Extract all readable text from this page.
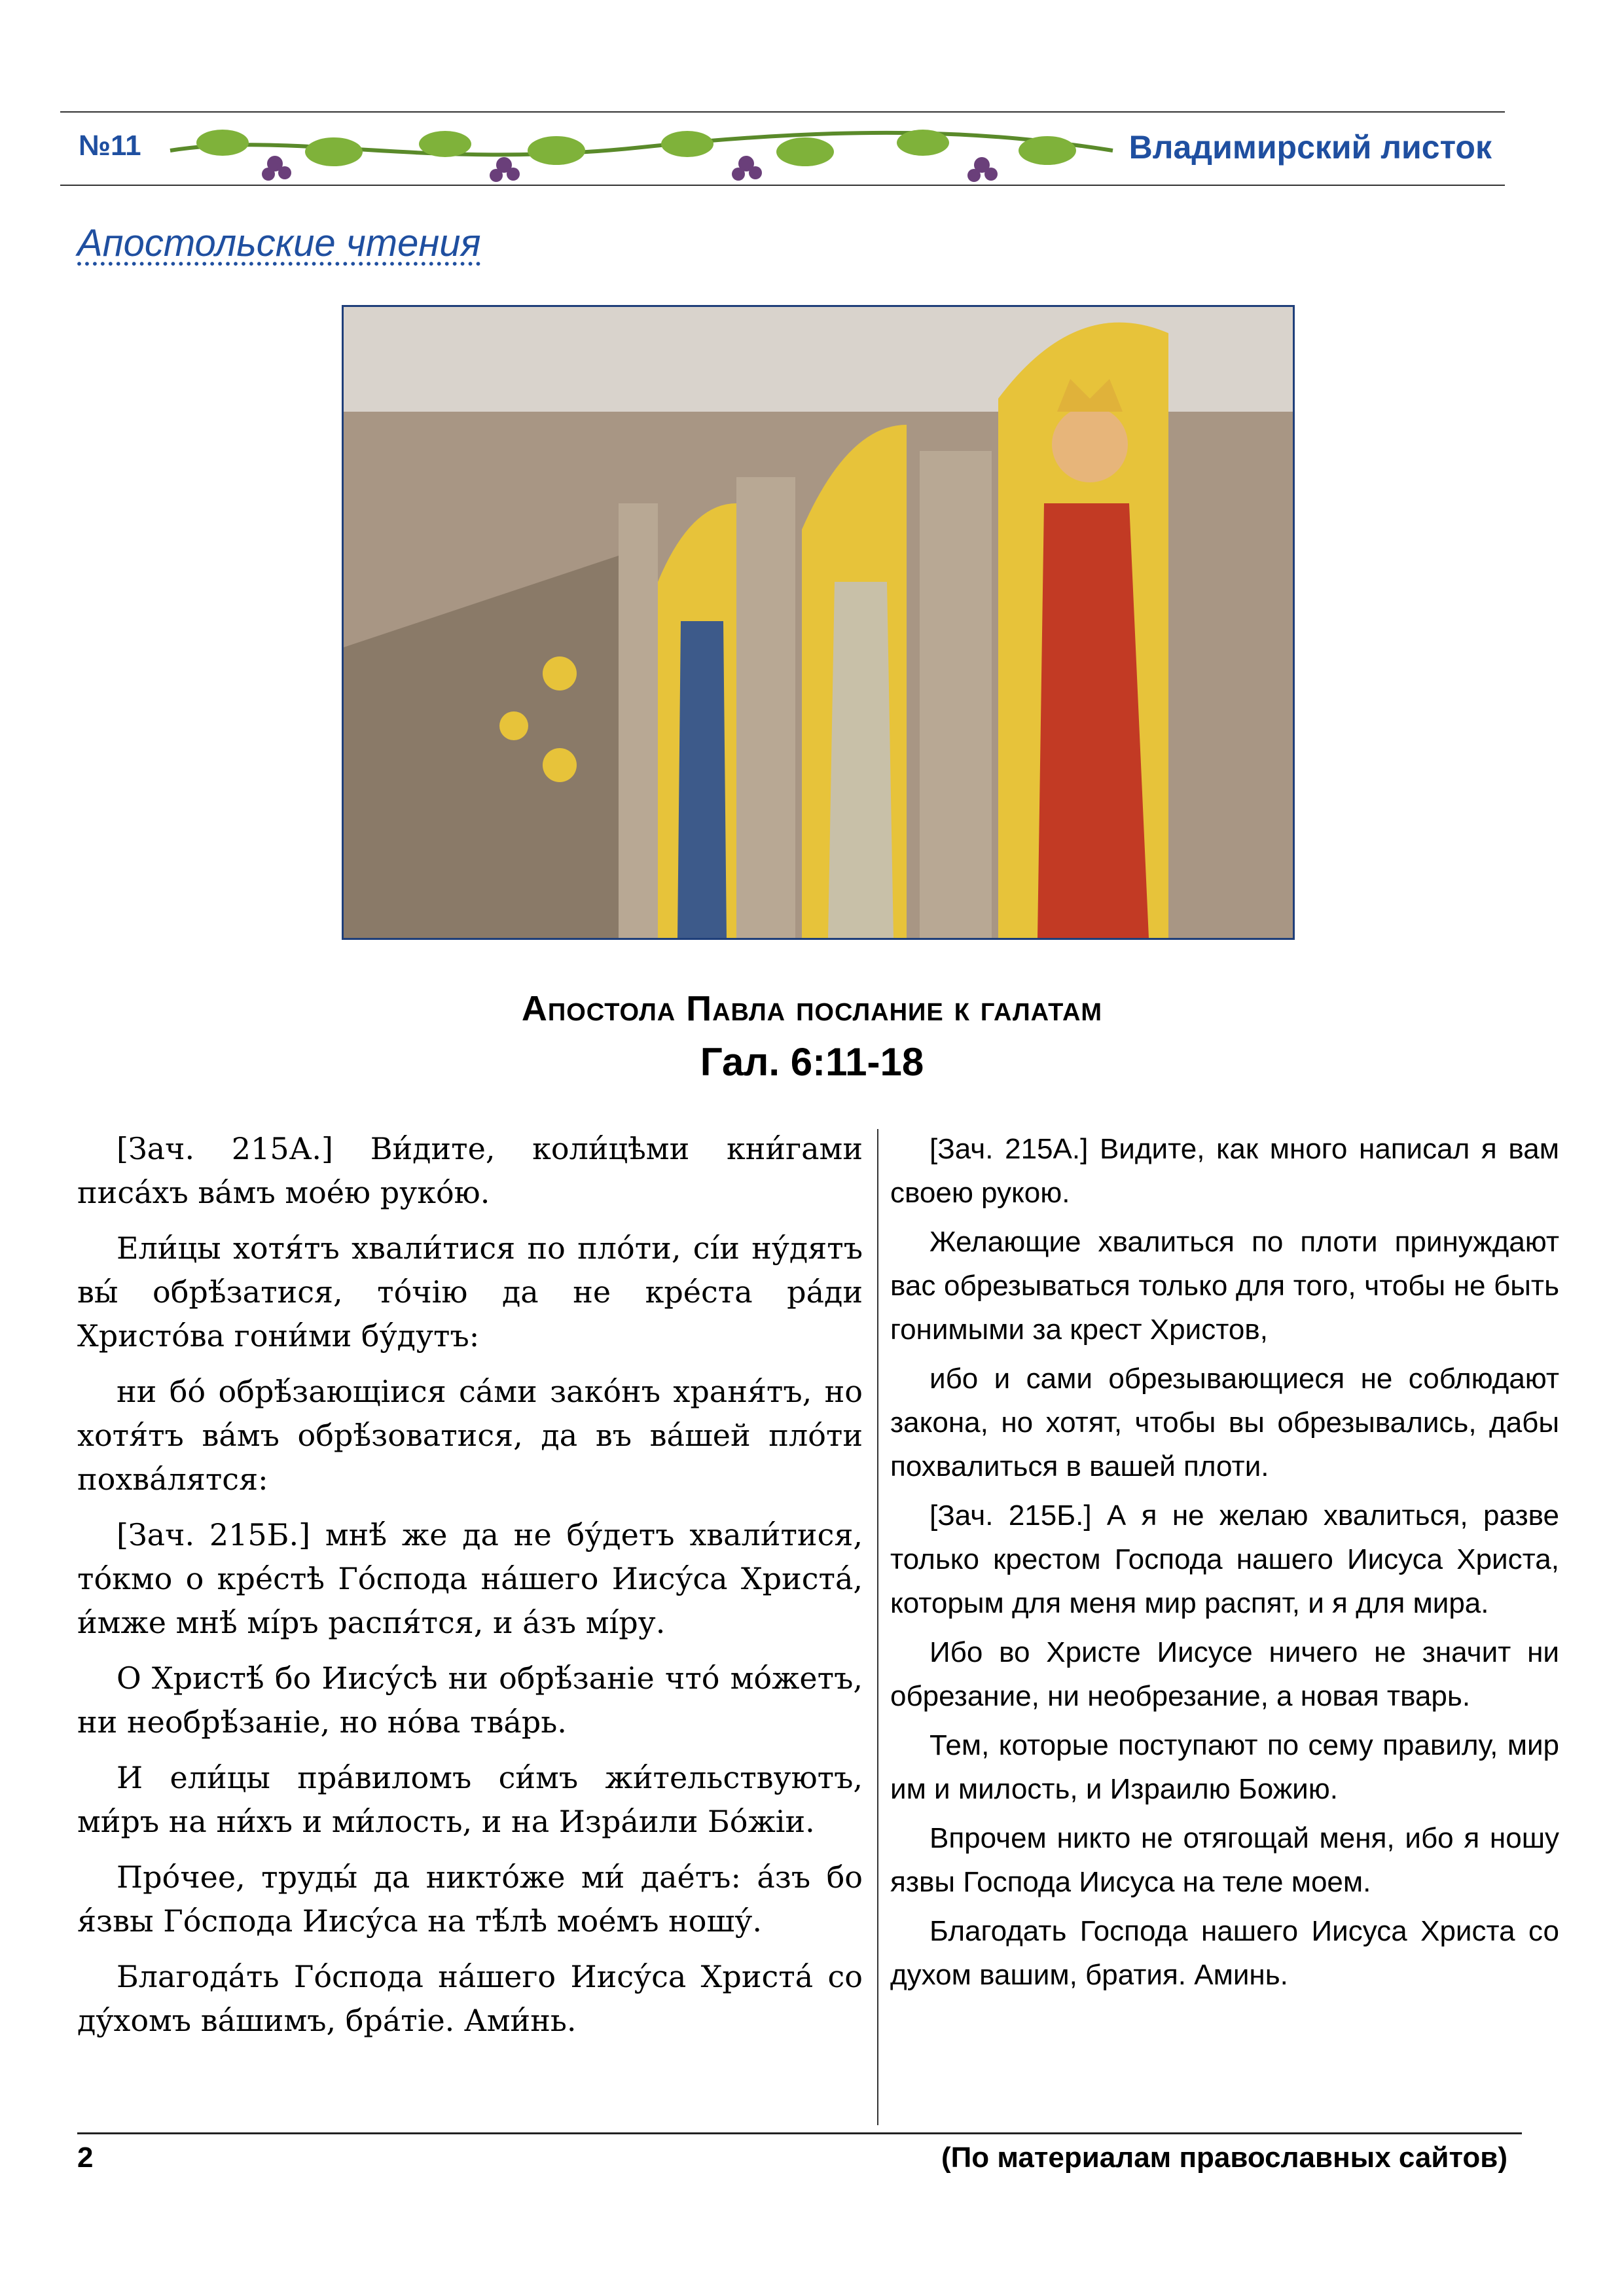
№11	Владимирский листок
Апостольские чтения
Апостола Павла послание к галатам
Гал. 6:11-18

[Зач. 215А.] Ви́дите, коли́цѣми кни́гами писа́хъ ва́мъ мое́ю руко́ю.

Ели́цы хотя́тъ хвали́тися по пло́ти, сі́и ну́дятъ вы́ обрѣ́затися, то́чію да не кре́ста ра́ди Христо́ва гони́ми бу́дутъ:

ни бо́ обрѣ́зающіися са́ми зако́нъ храня́тъ, но хотя́тъ ва́мъ обрѣ́зоватися, да въ ва́шей пло́ти похва́лятся:

[Зач. 215Б.] мнѣ́ же да не бу́детъ хвали́тися, то́кмо о кре́стѣ Го́спода на́шего Иису́са Христа́, и́мже мнѣ́ мі́ръ распя́тся, и а́зъ мі́ру.

О Христѣ́ бо Иису́сѣ ни обрѣ́заніе что́ мо́жетъ, ни необрѣ́заніе, но но́ва тва́рь.

И ели́цы пра́виломъ си́мъ жи́тельствуютъ, ми́ръ на ни́хъ и ми́лость, и на Изра́или Бо́жіи.

Про́чее, труды́ да никто́же ми́ дае́тъ: а́зъ бо я́звы Го́спода Иису́са на тѣ́лѣ мое́мъ ношу́.

Благода́ть Го́спода на́шего Иису́са Христа́ со ду́хомъ ва́шимъ, бра́тіе. Ами́нь.

[Зач. 215А.] Видите, как много написал я вам своею рукою.

Желающие хвалиться по плоти принуждают вас обрезываться только для того, чтобы не быть гонимыми за крест Христов,

ибо и сами обрезывающиеся не соблюдают закона, но хотят, чтобы вы обрезывались, дабы похвалиться в вашей плоти.

[Зач. 215Б.] А я не желаю хвалиться, разве только крестом Господа нашего Иисуса Христа, которым для меня мир распят, и я для мира.

Ибо во Христе Иисусе ничего не значит ни обрезание, ни необрезание, а новая тварь.

Тем, которые поступают по сему правилу, мир им и милость, и Израилю Божию.

Впрочем никто не отягощай меня, ибо я ношу язвы Господа Иисуса на теле моем.

Благодать Господа нашего Иисуса Христа со духом вашим, братия. Аминь.

2	(По материалам православных сайтов)
